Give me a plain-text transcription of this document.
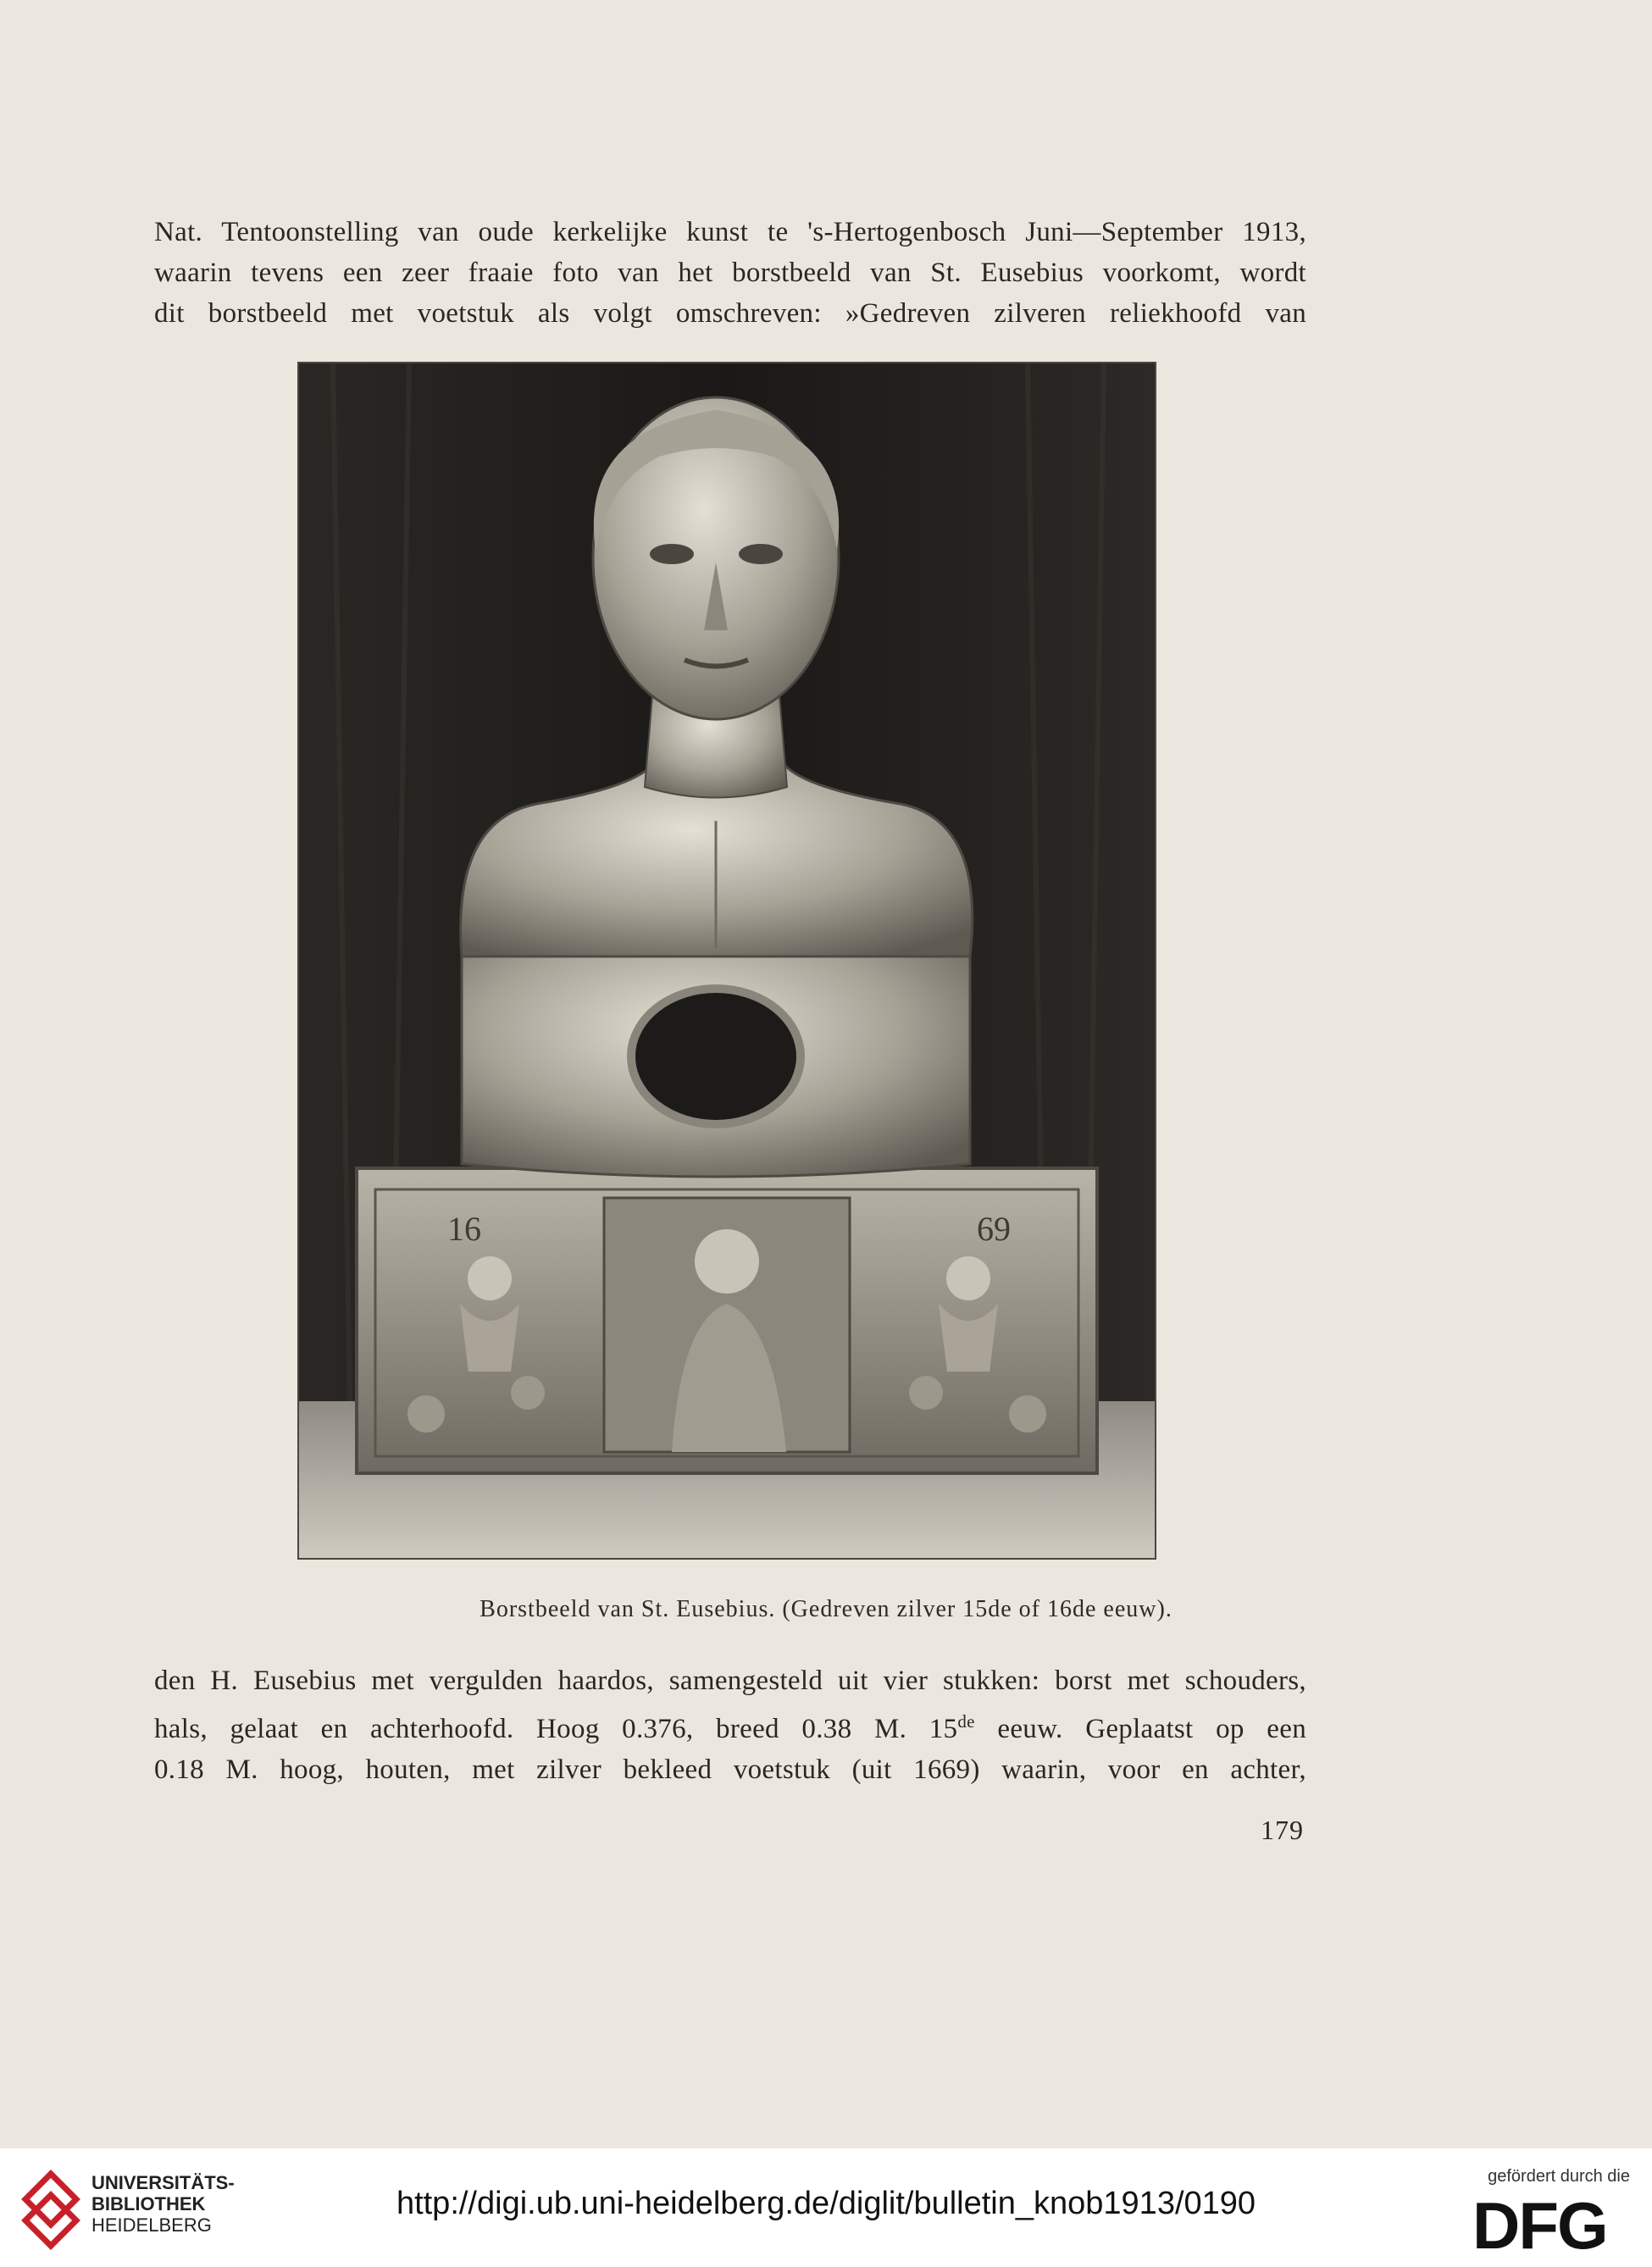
Nat. Tentoonstelling van oude kerkelijke kunst te 's-Hertogenbosch Juni—September 1913,
waarin tevens een zeer fraaie foto van het borstbeeld van St. Eusebius voorkomt, wordt
dit borstbeeld met voetstuk als volgt omschreven: »Gedreven zilveren reliekhoofd van
16	69
Borstbeeld van St. Eusebius. (Gedreven zilver 15de of 16de eeuw).
den H. Eusebius met vergulden haardos, samengesteld uit vier stukken: borst met schouders,
hals, gelaat en achterhoofd. Hoog 0.376, breed 0.38 M. 15de eeuw. Geplaatst op een
0.18 M. hoog, houten, met zilver bekleed voetstuk (uit 1669) waarin, voor en achter,
179
UNIVERSITÄTS-
BIBLIOTHEK
HEIDELBERG
http://digi.ub.uni-heidelberg.de/diglit/bulletin_knob1913/0190
gefördert durch die
DFG
